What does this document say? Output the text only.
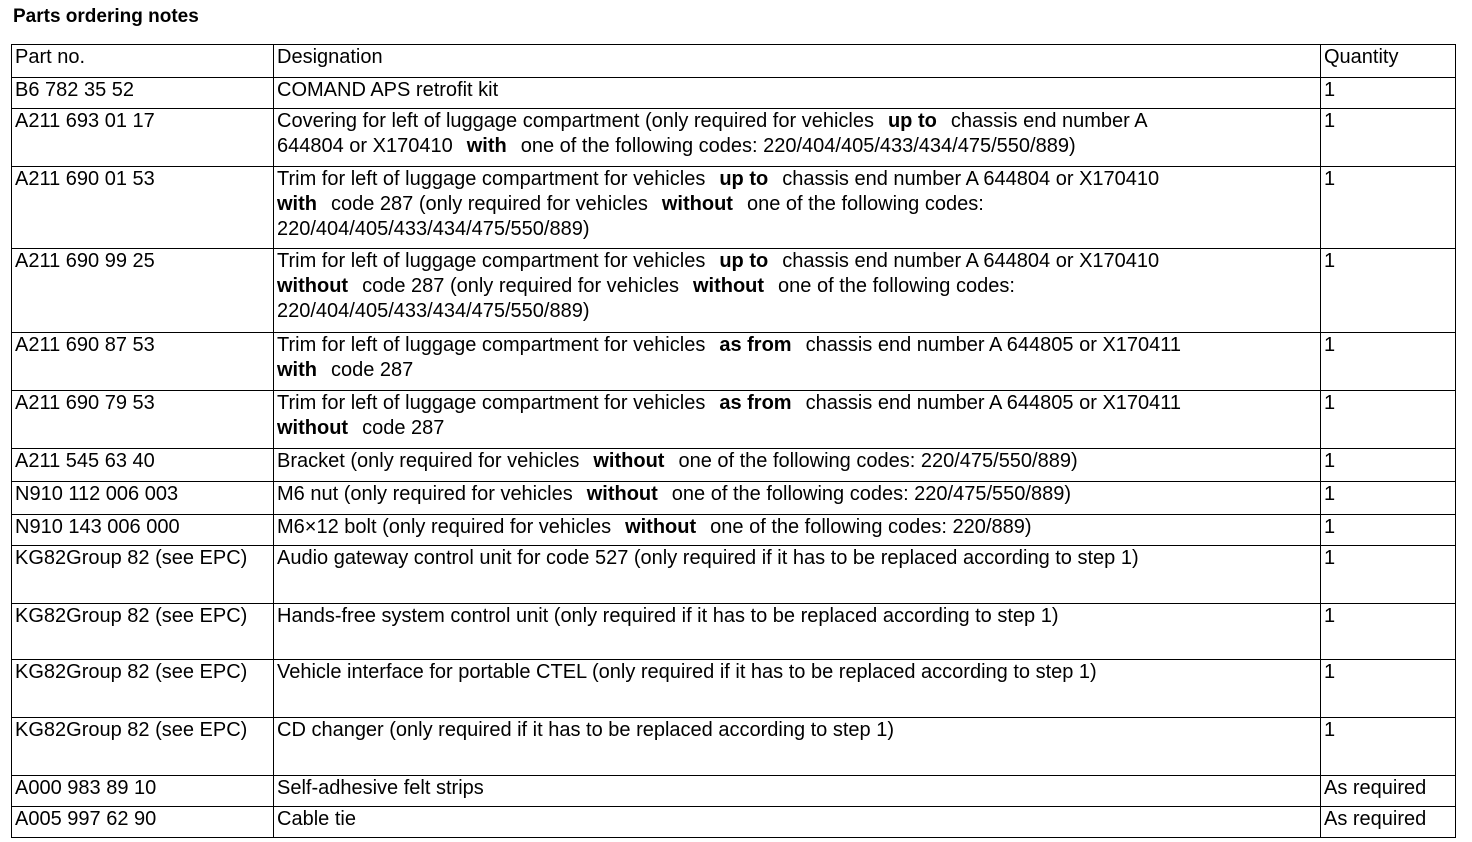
Parts ordering notes
Part no.	Designation	Quantity
B6 782 35 52	COMAND APS retrofit kit	1
A211 693 01 17	Covering for left of luggage compartment (only required for vehicles up to chassis end number A
644804 or X170410 with one of the following codes: 220/404/405/433/434/475/550/889)	1
A211 690 01 53	Trim for left of luggage compartment for vehicles up to chassis end number A 644804 or X170410
with code 287 (only required for vehicles without one of the following codes:
220/404/405/433/434/475/550/889)	1
A211 690 99 25	Trim for left of luggage compartment for vehicles up to chassis end number A 644804 or X170410
without code 287 (only required for vehicles without one of the following codes:
220/404/405/433/434/475/550/889)	1
A211 690 87 53	Trim for left of luggage compartment for vehicles as from chassis end number A 644805 or X170411
with code 287	1
A211 690 79 53	Trim for left of luggage compartment for vehicles as from chassis end number A 644805 or X170411
without code 287	1
A211 545 63 40	Bracket (only required for vehicles without one of the following codes: 220/475/550/889)	1
N910 112 006 003	M6 nut (only required for vehicles without one of the following codes: 220/475/550/889)	1
N910 143 006 000	M6×12 bolt (only required for vehicles without one of the following codes: 220/889)	1
KG82Group 82 (see EPC)	Audio gateway control unit for code 527 (only required if it has to be replaced according to step 1)	1
KG82Group 82 (see EPC)	Hands-free system control unit (only required if it has to be replaced according to step 1)	1
KG82Group 82 (see EPC)	Vehicle interface for portable CTEL (only required if it has to be replaced according to step 1)	1
KG82Group 82 (see EPC)	CD changer (only required if it has to be replaced according to step 1)	1
A000 983 89 10	Self-adhesive felt strips	As required
A005 997 62 90	Cable tie	As required
